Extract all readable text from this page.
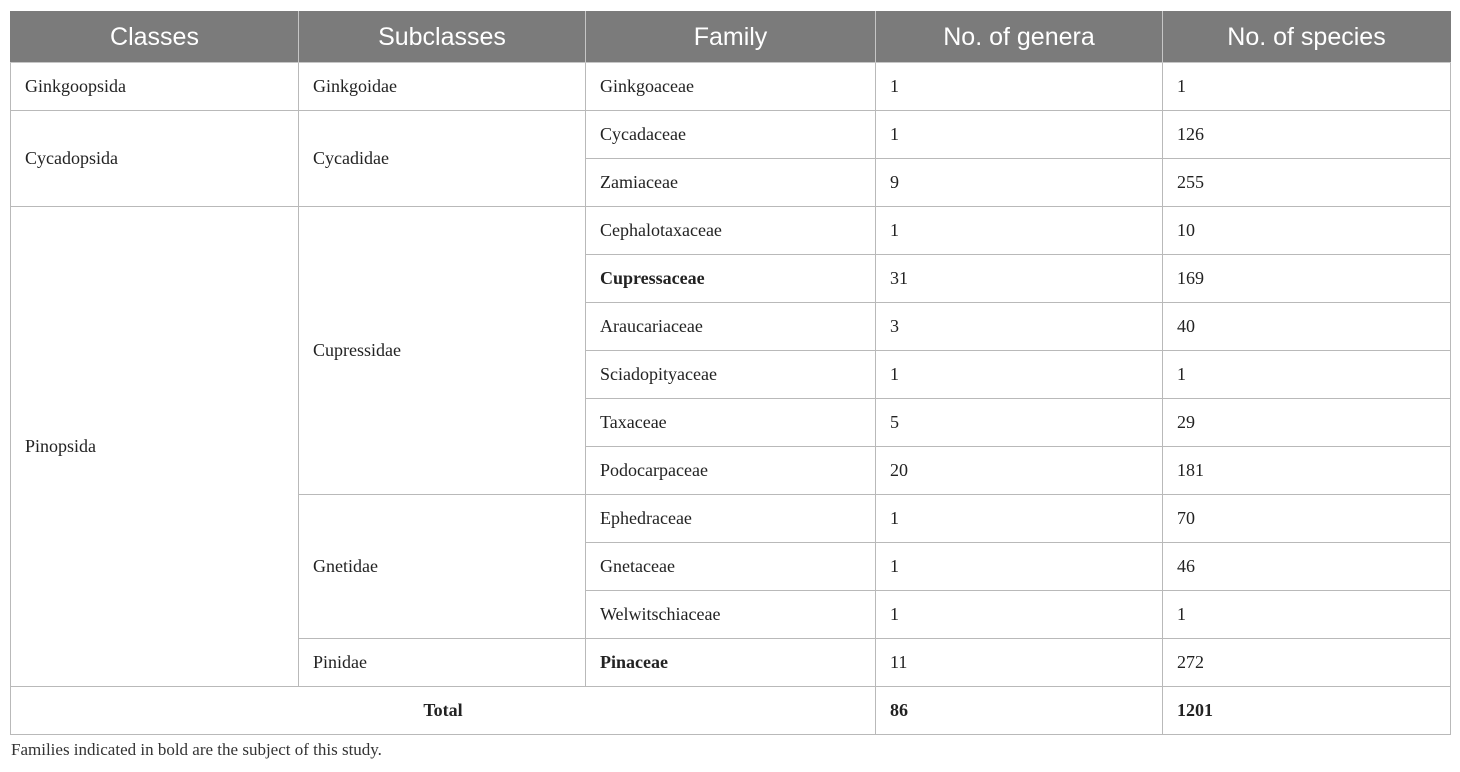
Classes	Subclasses	Family	No. of genera	No. of species
Ginkgoopsida	Ginkgoidae	Ginkgoaceae	1	1
Cycadopsida	Cycadidae	Cycadaceae	1	126
		Zamiaceae	9	255
Pinopsida	Cupressidae	Cephalotaxaceae	1	10
		Cupressaceae	31	169
		Araucariaceae	3	40
		Sciadopityaceae	1	1
		Taxaceae	5	29
		Podocarpaceae	20	181
	Gnetidae	Ephedraceae	1	70
		Gnetaceae	1	46
		Welwitschiaceae	1	1
	Pinidae	Pinaceae	11	272
Total			86	1201
Families indicated in bold are the subject of this study.
